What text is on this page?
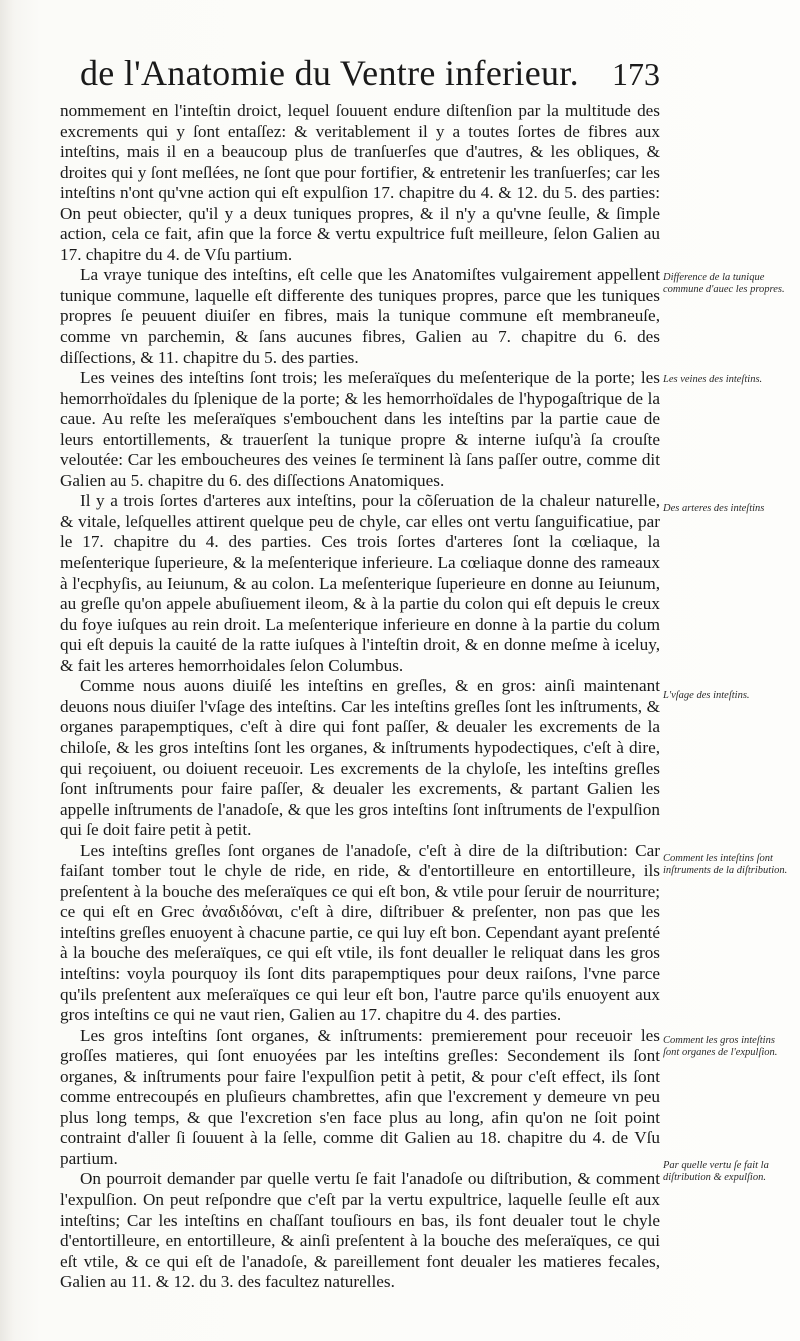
de l'Anatomie du Ventre inferieur. 173

nommement en l'inteſtin droict, lequel ſouuent endure diſtenſion par la multitude des excrements qui y ſont entaſſez: & veritablement il y a toutes ſortes de fibres aux inteſtins, mais il en a beaucoup plus de tranſuerſes que d'autres, & les obliques, & droites qui y ſont meſlées, ne ſont que pour fortifier, & entretenir les tranſuerſes; car les inteſtins n'ont qu'vne action qui eſt expulſion 17. chapitre du 4. & 12. du 5. des parties: On peut obiecter, qu'il y a deux tuniques propres, & il n'y a qu'vne ſeulle, & ſimple action, cela ce fait, afin que la force & vertu expultrice fuſt meilleure, ſelon Galien au 17. chapitre du 4. de Vſu partium.

La vraye tunique des inteſtins, eſt celle que les Anatomiſtes vulgairement appellent tunique commune, laquelle eſt differente des tuniques propres, parce que les tuniques propres ſe peuuent diuiſer en fibres, mais la tunique commune eſt membraneuſe, comme vn parchemin, & ſans aucunes fibres, Galien au 7. chapitre du 6. des diſſections, & 11. chapitre du 5. des parties.

Les veines des inteſtins ſont trois; les meſeraïques du meſenterique de la porte; les hemorrhoïdales du ſplenique de la porte; & les hemorrhoïdales de l'hypogaſtrique de la caue. Au reſte les meſeraïques s'embouchent dans les inteſtins par la partie caue de leurs entortillements, & trauerſent la tunique propre & interne iuſqu'à ſa crouſte veloutée: Car les emboucheures des veines ſe terminent là ſans paſſer outre, comme dit Galien au 5. chapitre du 6. des diſſections Anatomiques.

Il y a trois ſortes d'arteres aux inteſtins, pour la cõſeruation de la chaleur naturelle, & vitale, leſquelles attirent quelque peu de chyle, car elles ont vertu ſanguificatiue, par le 17. chapitre du 4. des parties. Ces trois ſortes d'arteres ſont la cœliaque, la meſenterique ſuperieure, & la meſenterique inferieure. La cœliaque donne des rameaux à l'ecphyſis, au Ieiunum, & au colon. La meſenterique ſuperieure en donne au Ieiunum, au greſle qu'on appele abuſiuement ileom, & à la partie du colon qui eſt depuis le creux du foye iuſques au rein droit. La meſenterique inferieure en donne à la partie du colum qui eſt depuis la cauité de la ratte iuſques à l'inteſtin droit, & en donne meſme à iceluy, & fait les arteres hemorrhoidales ſelon Columbus.

Comme nous auons diuiſé les inteſtins en greſles, & en gros: ainſi maintenant deuons nous diuiſer l'vſage des inteſtins. Car les inteſtins greſles ſont les inſtruments, & organes parapemptiques, c'eſt à dire qui font paſſer, & deualer les excrements de la chiloſe, & les gros inteſtins ſont les organes, & inſtruments hypodectiques, c'eſt à dire, qui reçoiuent, ou doiuent receuoir. Les excrements de la chyloſe, les inteſtins greſles ſont inſtruments pour faire paſſer, & deualer les excrements, & partant Galien les appelle inſtruments de l'anadoſe, & que les gros inteſtins ſont inſtruments de l'expulſion qui ſe doit faire petit à petit.

Les inteſtins greſles ſont organes de l'anadoſe, c'eſt à dire de la diſtribution: Car faiſant tomber tout le chyle de ride, en ride, & d'entortilleure en entortilleure, ils preſentent à la bouche des meſeraïques ce qui eſt bon, & vtile pour ſeruir de nourriture; ce qui eſt en Grec ἀναδιδόναι, c'eſt à dire, diſtribuer & preſenter, non pas que les inteſtins greſles enuoyent à chacune partie, ce qui luy eſt bon. Cependant ayant preſenté à la bouche des meſeraïques, ce qui eſt vtile, ils font deualler le reliquat dans les gros inteſtins: voyla pourquoy ils ſont dits parapemptiques pour deux raiſons, l'vne parce qu'ils preſentent aux meſeraïques ce qui leur eſt bon, l'autre parce qu'ils enuoyent aux gros inteſtins ce qui ne vaut rien, Galien au 17. chapitre du 4. des parties.

Les gros inteſtins ſont organes, & inſtruments: premierement pour receuoir les groſſes matieres, qui ſont enuoyées par les inteſtins greſles: Secondement ils ſont organes, & inſtruments pour faire l'expulſion petit à petit, & pour c'eſt effect, ils ſont comme entrecoupés en pluſieurs chambrettes, afin que l'excrement y demeure vn peu plus long temps, & que l'excretion s'en face plus au long, afin qu'on ne ſoit point contraint d'aller ſi ſouuent à la ſelle, comme dit Galien au 18. chapitre du 4. de Vſu partium.

On pourroit demander par quelle vertu ſe fait l'anadoſe ou diſtribution, & comment l'expulſion. On peut reſpondre que c'eſt par la vertu expultrice, laquelle ſeulle eſt aux inteſtins; Car les inteſtins en chaſſant touſiours en bas, ils font deualer tout le chyle d'entortilleure, en entortilleure, & ainſi preſentent à la bouche des meſeraïques, ce qui eſt vtile, & ce qui eſt de l'anadoſe, & pareillement font deualer les matieres fecales, Galien au 11. & 12. du 3. des facultez naturelles.

Difference de la tunique commune d'auec les propres.
Les veines des inteſtins.
Des arteres des inteſtins
L'vſage des inteſtins.
Comment les inteſtins ſont inſtruments de la diſtribution.
Comment les gros inteſtins ſont organes de l'expulſion.
Par quelle vertu ſe fait la diſtribution & expulſion.
